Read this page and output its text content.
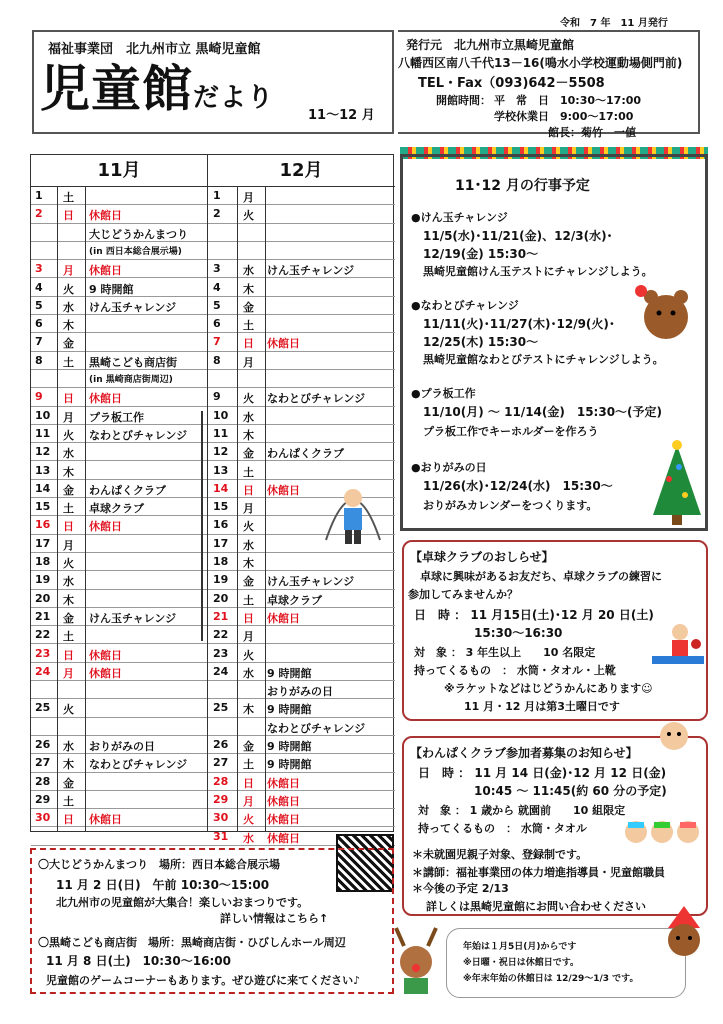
令和　7 年　11 月発行
福祉事業団　北九州市立 黒崎児童館
児童館だより
11～12 月
発行元　北九州市立黒崎児童館
八幡西区南八千代13－16(鳴水小学校運動場側門前)
TEL・Fax（093)642－5508
開館時間： 平　常　日　10:30～17:00
学校休業日　9:00～17:00
館長：菊竹　一値
11月	12月
1	土
2	日	休館日
大じどうかんまつり
(in 西日本総合展示場)
3	月	休館日
4	火	9 時開館
5	水	けん玉チャレンジ
6	木
7	金
8	土	黒崎こども商店街
(in 黒崎商店街周辺)
9	日	休館日
10	月	プラ板工作
11	火	なわとびチャレンジ
12	水
13	木
14	金	わんぱくクラブ
15	土	卓球クラブ
16	日	休館日
17	月
18	火
19	水
20	木
21	金	けん玉チャレンジ
22	土
23	日	休館日
24	月	休館日
25	火
26	水	おりがみの日
27	木	なわとびチャレンジ
28	金
29	土
30	日	休館日
1	月
2	火
3	水	けん玉チャレンジ
4	木
5	金
6	土
7	日	休館日
8	月
9	火	なわとびチャレンジ
10	水
11	木
12	金	わんぱくクラブ
13	土
14	日	休館日
15	月
16	火
17	水
18	木
19	金	けん玉チャレンジ
20	土	卓球クラブ
21	日	休館日
22	月
23	火
24	水	9 時開館
おりがみの日
25	木	9 時開館
なわとびチャレンジ
26	金	9 時開館
27	土	9 時開館
28	日	休館日
29	月	休館日
30	火	休館日
31	水	休館日
11･12 月の行事予定
●けん玉チャレンジ
11/5(水)･11/21(金)、12/3(水)･
12/19(金) 15:30～
黒崎児童館けん玉テストにチャレンジしよう。
●なわとびチャレンジ
11/11(火)･11/27(木)･12/9(火)･
12/25(木) 15:30～
黒崎児童館なわとびテストにチャレンジしよう。
●プラ板工作
11/10(月) ～ 11/14(金)　15:30～(予定)
プラ板工作でキーホルダーを作ろう
●おりがみの日
11/26(水)･12/24(水)　15:30～
おりがみカレンダーをつくります。
【卓球クラブのおしらせ】
卓球に興味があるお友だち、卓球クラブの練習に
参加してみませんか？
日　時 ： 11 月15日(土)･12 月 20 日(土)
15:30～16:30
対　象 ： 3 年生以上　　10 名限定
持ってくるもの　： 水筒・タオル・上靴
※ラケットなどはじどうかんにあります☺
11 月・12 月は第3土曜日です
【わんぱくクラブ参加者募集のお知らせ】
日　時 ： 11 月 14 日(金)･12 月 12 日(金)
10:45 ～ 11:45(約 60 分の予定)
対　象 ： 1 歳から 就園前　　10 組限定
持ってくるもの　： 水筒・タオル
＊未就園児親子対象、登録制です。
＊講師：福祉事業団の体力増進指導員・児童館職員
＊今後の予定 2/13
詳しくは黒崎児童館にお問い合わせください
〇大じどうかんまつり　場所：西日本総合展示場
11 月 2 日(日)　午前 10:30～15:00
北九州市の児童館が大集合！楽しいおまつりです。
詳しい情報はこちら↑
〇黒崎こども商店街　場所：黒崎商店街・ひびしんホール周辺
11 月 8 日(土)　10:30～16:00
児童館のゲームコーナーもあります。ぜひ遊びに来てください♪
年始は１月5日(月)からです
※日曜・祝日は休館日です。
※年末年始の休館日は 12/29～1/3 です。
